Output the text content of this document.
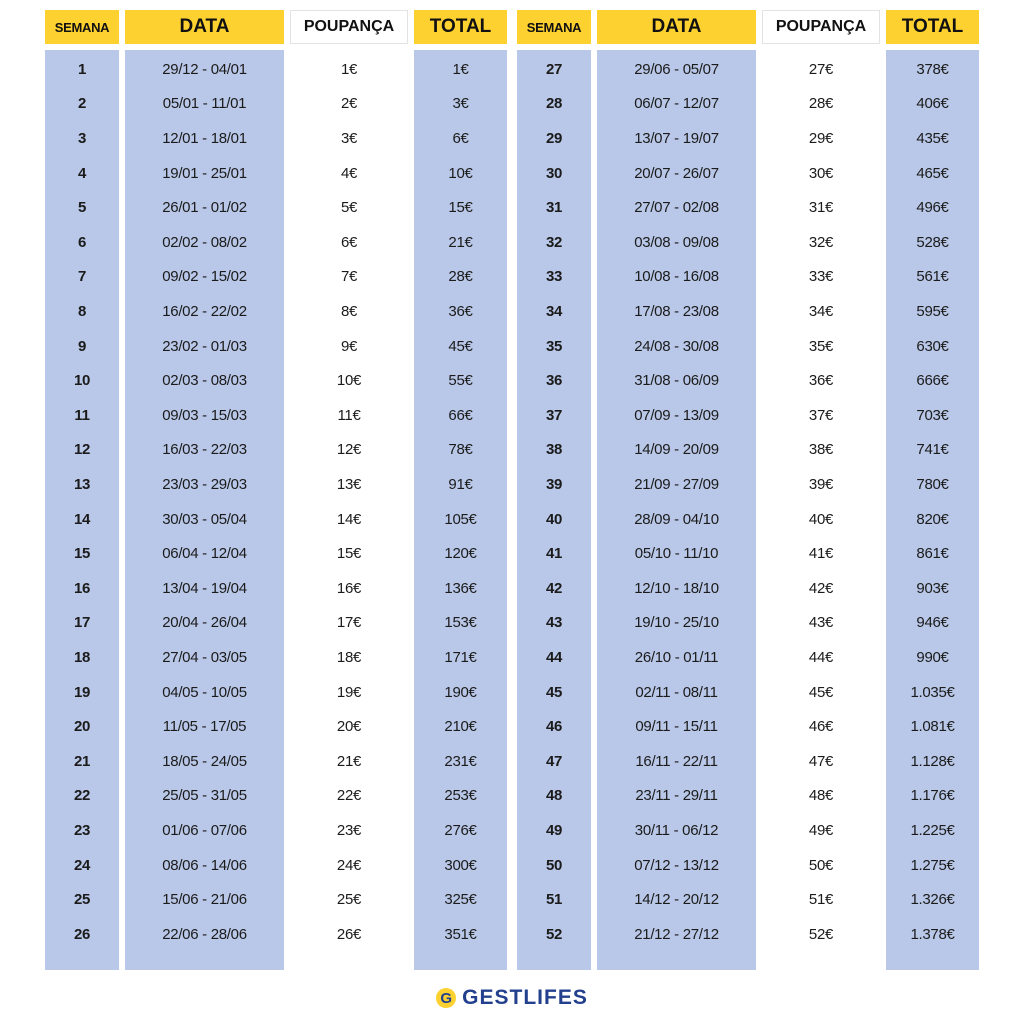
SEMANA	DATA	POUPANÇA	TOTAL	SEMANA	DATA	POUPANÇA	TOTAL
1	29/12 - 04/01	1€	1€
2	05/01 - 11/01	2€	3€
3	12/01 - 18/01	3€	6€
4	19/01 - 25/01	4€	10€
5	26/01 - 01/02	5€	15€
6	02/02 - 08/02	6€	21€
7	09/02 - 15/02	7€	28€
8	16/02 - 22/02	8€	36€
9	23/02 - 01/03	9€	45€
10	02/03 - 08/03	10€	55€
11	09/03 - 15/03	11€	66€
12	16/03 - 22/03	12€	78€
13	23/03 - 29/03	13€	91€
14	30/03 - 05/04	14€	105€
15	06/04 - 12/04	15€	120€
16	13/04 - 19/04	16€	136€
17	20/04 - 26/04	17€	153€
18	27/04 - 03/05	18€	171€
19	04/05 - 10/05	19€	190€
20	11/05 - 17/05	20€	210€
21	18/05 - 24/05	21€	231€
22	25/05 - 31/05	22€	253€
23	01/06 - 07/06	23€	276€
24	08/06 - 14/06	24€	300€
25	15/06 - 21/06	25€	325€
26	22/06 - 28/06	26€	351€
27	29/06 - 05/07	27€	378€
28	06/07 - 12/07	28€	406€
29	13/07 - 19/07	29€	435€
30	20/07 - 26/07	30€	465€
31	27/07 - 02/08	31€	496€
32	03/08 - 09/08	32€	528€
33	10/08 - 16/08	33€	561€
34	17/08 - 23/08	34€	595€
35	24/08 - 30/08	35€	630€
36	31/08 - 06/09	36€	666€
37	07/09 - 13/09	37€	703€
38	14/09 - 20/09	38€	741€
39	21/09 - 27/09	39€	780€
40	28/09 - 04/10	40€	820€
41	05/10 - 11/10	41€	861€
42	12/10 - 18/10	42€	903€
43	19/10 - 25/10	43€	946€
44	26/10 - 01/11	44€	990€
45	02/11 - 08/11	45€	1.035€
46	09/11 - 15/11	46€	1.081€
47	16/11 - 22/11	47€	1.128€
48	23/11 - 29/11	48€	1.176€
49	30/11 - 06/12	49€	1.225€
50	07/12 - 13/12	50€	1.275€
51	14/12 - 20/12	51€	1.326€
52	21/12 - 27/12	52€	1.378€
G GESTLIFES
